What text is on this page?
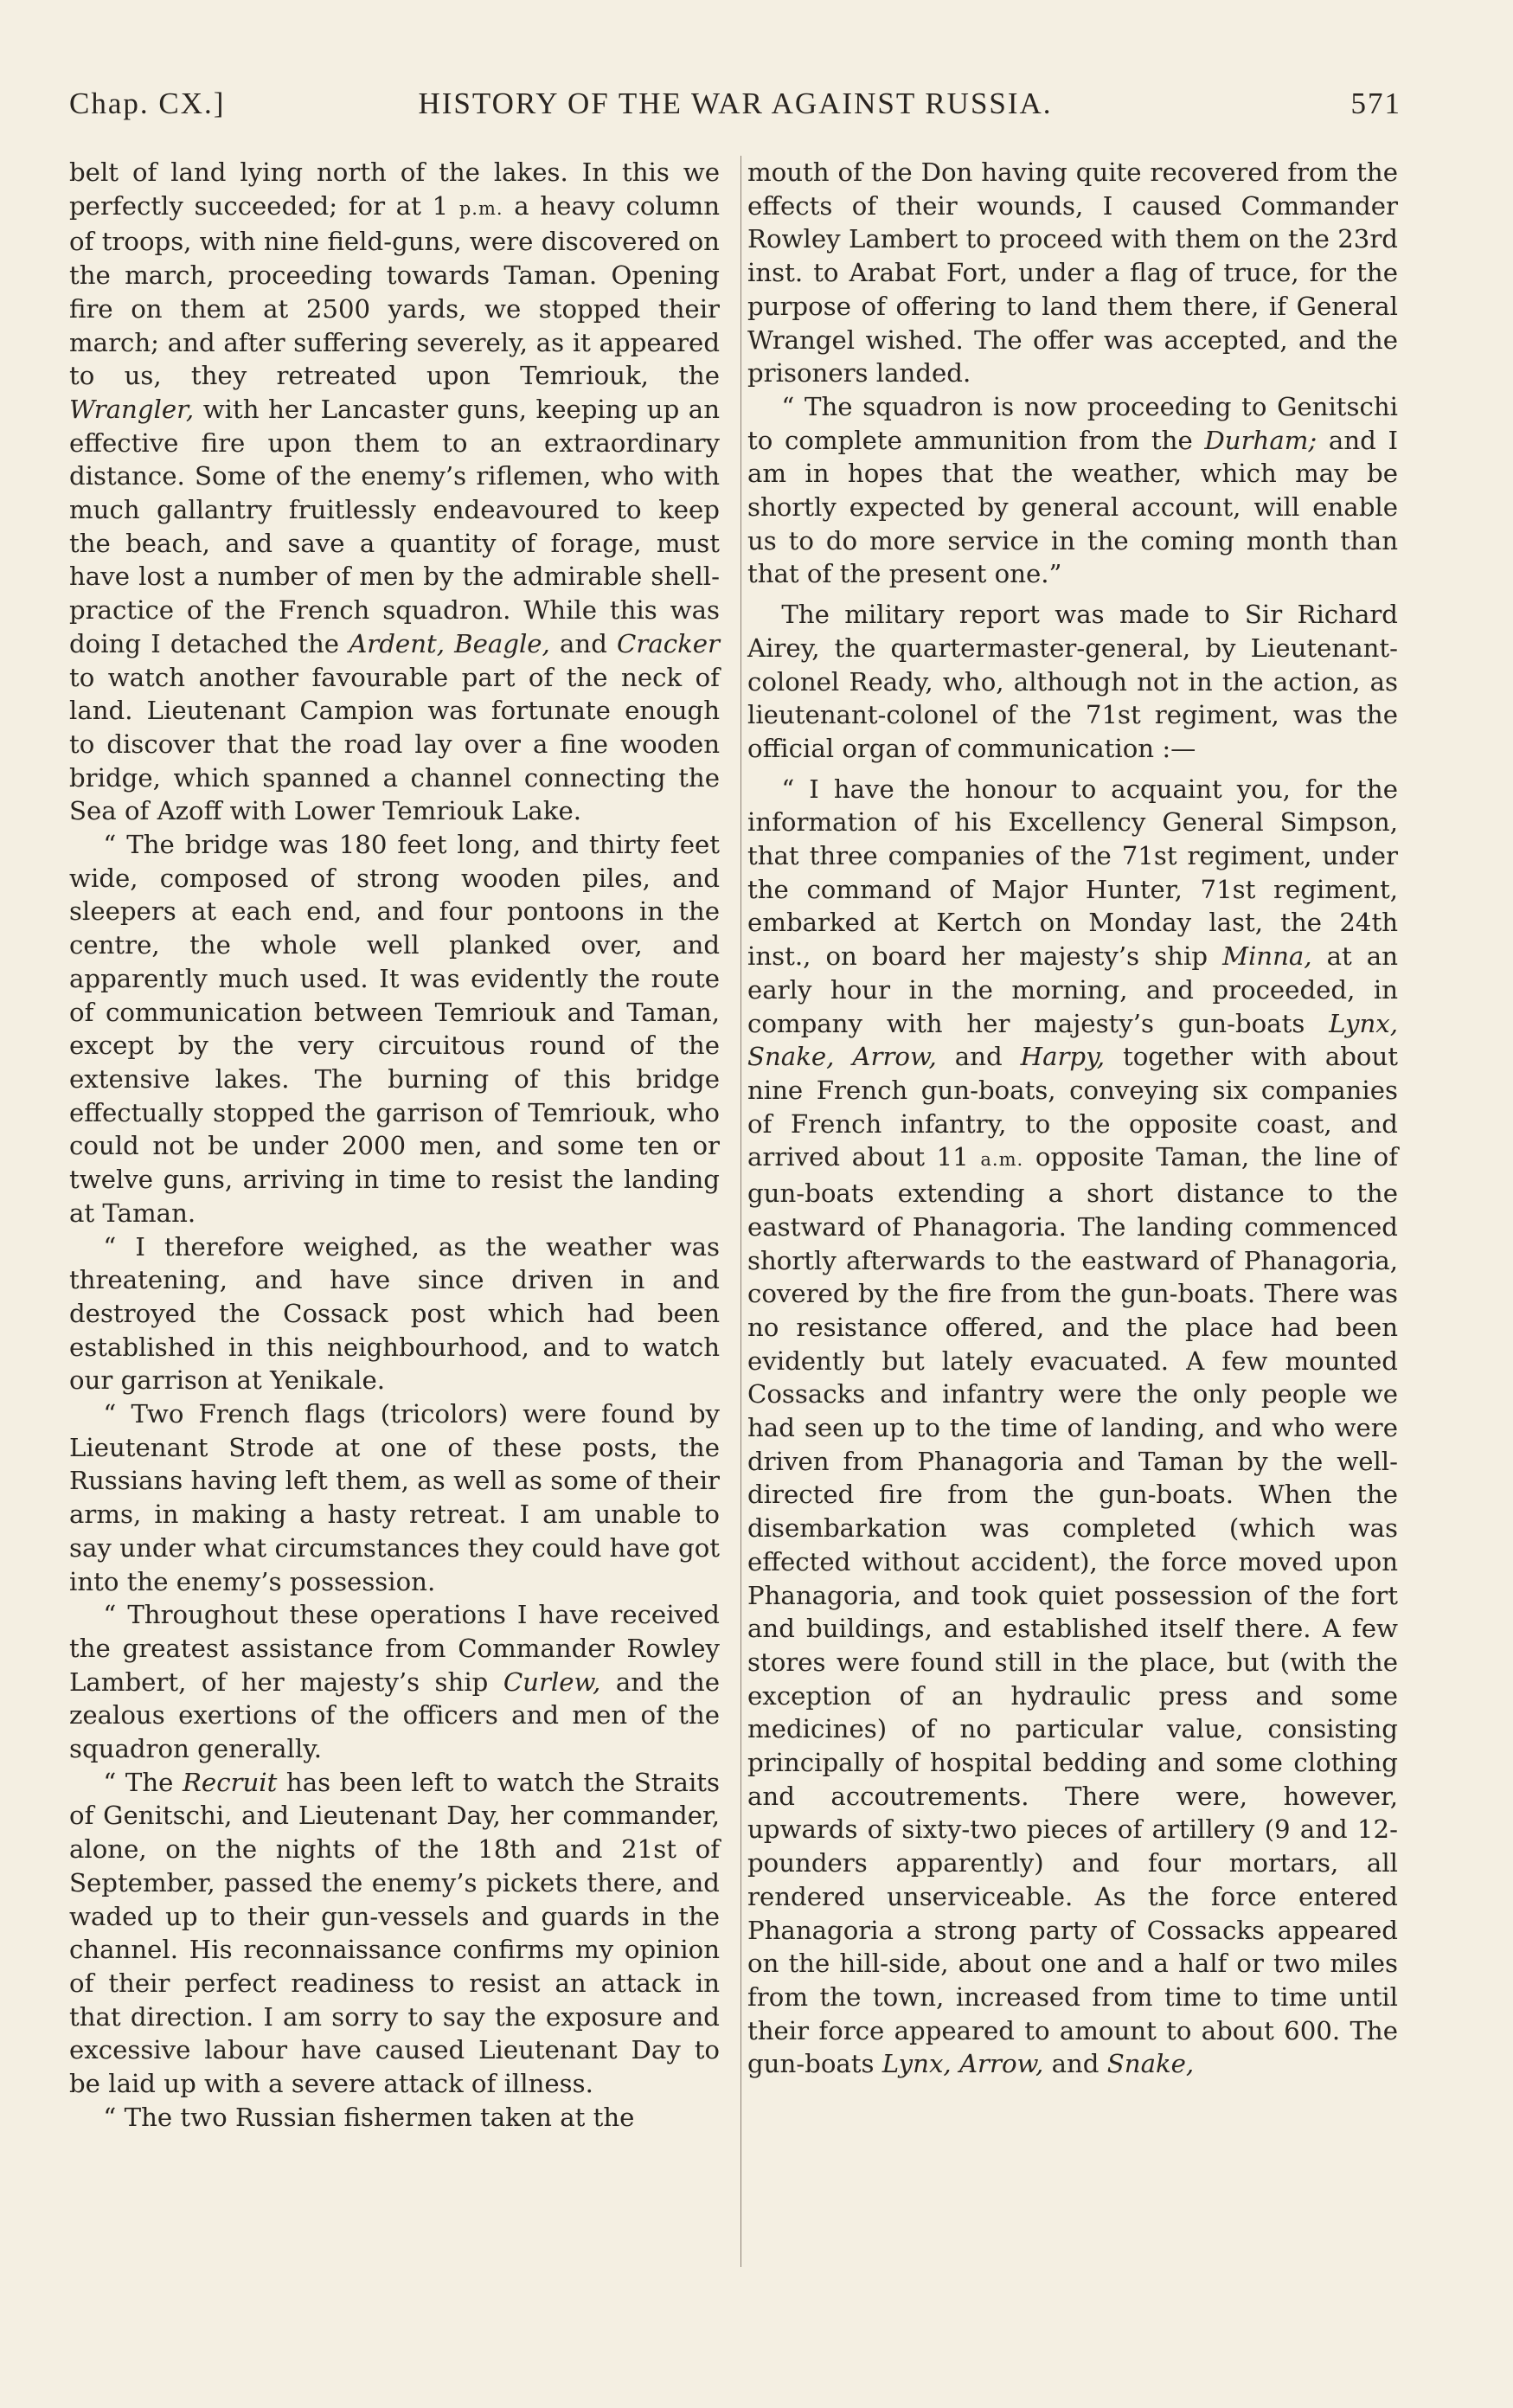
Chap. CX.]	HISTORY OF THE WAR AGAINST RUSSIA.	571

belt of land lying north of the lakes. In this we perfectly succeeded; for at 1 p.m. a heavy column of troops, with nine field-guns, were discovered on the march, proceeding towards Taman. Opening fire on them at 2500 yards, we stopped their march; and after suffering severely, as it appeared to us, they retreated upon Temriouk, the Wrangler, with her Lancaster guns, keeping up an effective fire upon them to an extraordinary distance. Some of the enemy’s riflemen, who with much gallantry fruitlessly endeavoured to keep the beach, and save a quantity of forage, must have lost a number of men by the admirable shell-practice of the French squadron. While this was doing I detached the Ardent, Beagle, and Cracker to watch another favourable part of the neck of land. Lieutenant Campion was fortunate enough to discover that the road lay over a fine wooden bridge, which spanned a channel connecting the Sea of Azoff with Lower Temriouk Lake.

“ The bridge was 180 feet long, and thirty feet wide, composed of strong wooden piles, and sleepers at each end, and four pontoons in the centre, the whole well planked over, and apparently much used. It was evidently the route of communication between Temriouk and Taman, except by the very circuitous round of the extensive lakes. The burning of this bridge effectually stopped the garrison of Temriouk, who could not be under 2000 men, and some ten or twelve guns, arriving in time to resist the landing at Taman.

“ I therefore weighed, as the weather was threatening, and have since driven in and destroyed the Cossack post which had been established in this neighbourhood, and to watch our garrison at Yenikale.

“ Two French flags (tricolors) were found by Lieutenant Strode at one of these posts, the Russians having left them, as well as some of their arms, in making a hasty retreat. I am unable to say under what circumstances they could have got into the enemy’s possession.

“ Throughout these operations I have received the greatest assistance from Commander Rowley Lambert, of her majesty’s ship Curlew, and the zealous exertions of the officers and men of the squadron generally.

“ The Recruit has been left to watch the Straits of Genitschi, and Lieutenant Day, her commander, alone, on the nights of the 18th and 21st of September, passed the enemy’s pickets there, and waded up to their gun-vessels and guards in the channel. His reconnaissance confirms my opinion of their perfect readiness to resist an attack in that direction. I am sorry to say the exposure and excessive labour have caused Lieutenant Day to be laid up with a severe attack of illness.

“ The two Russian fishermen taken at the

mouth of the Don having quite recovered from the effects of their wounds, I caused Commander Rowley Lambert to proceed with them on the 23rd inst. to Arabat Fort, under a flag of truce, for the purpose of offering to land them there, if General Wrangel wished. The offer was accepted, and the prisoners landed.

“ The squadron is now proceeding to Genitschi to complete ammunition from the Durham; and I am in hopes that the weather, which may be shortly expected by general account, will enable us to do more service in the coming month than that of the present one.”

The military report was made to Sir Richard Airey, the quartermaster-general, by Lieutenant-colonel Ready, who, although not in the action, as lieutenant-colonel of the 71st regiment, was the official organ of communication :—

“ I have the honour to acquaint you, for the information of his Excellency General Simpson, that three companies of the 71st regiment, under the command of Major Hunter, 71st regiment, embarked at Kertch on Monday last, the 24th inst., on board her majesty’s ship Minna, at an early hour in the morning, and proceeded, in company with her majesty’s gun-boats Lynx, Snake, Arrow, and Harpy, together with about nine French gun-boats, conveying six companies of French infantry, to the opposite coast, and arrived about 11 a.m. opposite Taman, the line of gun-boats extending a short distance to the eastward of Phanagoria. The landing commenced shortly afterwards to the eastward of Phanagoria, covered by the fire from the gun-boats. There was no resistance offered, and the place had been evidently but lately evacuated. A few mounted Cossacks and infantry were the only people we had seen up to the time of landing, and who were driven from Phanagoria and Taman by the well-directed fire from the gun-boats. When the disembarkation was completed (which was effected without accident), the force moved upon Phanagoria, and took quiet possession of the fort and buildings, and established itself there. A few stores were found still in the place, but (with the exception of an hydraulic press and some medicines) of no particular value, consisting principally of hospital bedding and some clothing and accoutrements. There were, however, upwards of sixty-two pieces of artillery (9 and 12-pounders apparently) and four mortars, all rendered unserviceable. As the force entered Phanagoria a strong party of Cossacks appeared on the hill-side, about one and a half or two miles from the town, increased from time to time until their force appeared to amount to about 600. The gun-boats Lynx, Arrow, and Snake,
